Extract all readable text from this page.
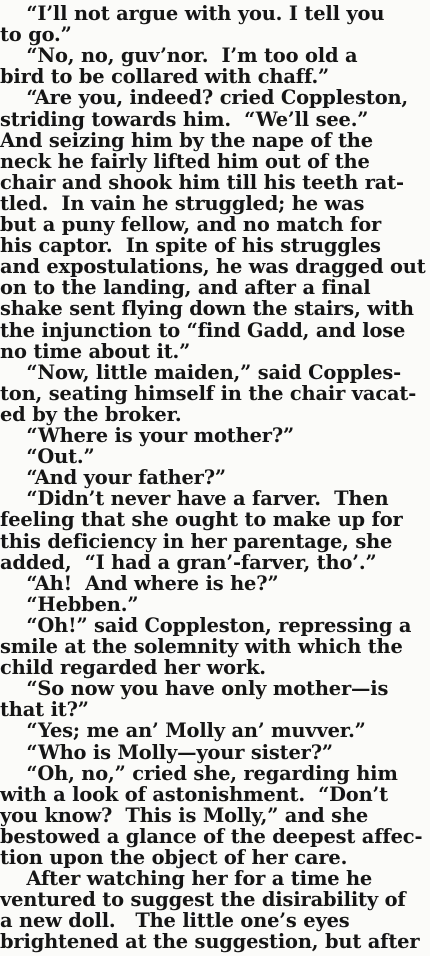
“I’ll not argue with you. I tell you
to go.”
“No, no, guv’nor.  I’m too old a
bird to be collared with chaff.”
“Are you, indeed? cried Coppleston,
striding towards him.  “We’ll see.”
And seizing him by the nape of the
neck he fairly lifted him out of the
chair and shook him till his teeth rat-
tled.  In vain he struggled; he was
but a puny fellow, and no match for
his captor.  In spite of his struggles
and expostulations, he was dragged out
on to the landing, and after a final
shake sent flying down the stairs, with
the injunction to “find Gadd, and lose
no time about it.”
“Now, little maiden,” said Copples-
ton, seating himself in the chair vacat-
ed by the broker.
“Where is your mother?”
“Out.”
“And your father?”
“Didn’t never have a farver.  Then
feeling that she ought to make up for
this deficiency in her parentage, she
added,  “I had a gran’-farver, tho’.”
“Ah!  And where is he?”
“Hebben.”
“Oh!” said Coppleston, repressing a
smile at the solemnity with which the
child regarded her work.
“So now you have only mother—is
that it?”
“Yes; me an’ Molly an’ muvver.”
“Who is Molly—your sister?”
“Oh, no,” cried she, regarding him
with a look of astonishment.  “Don’t
you know?  This is Molly,” and she
bestowed a glance of the deepest affec-
tion upon the object of her care.
After watching her for a time he
ventured to suggest the disirability of
a new doll.   The little one’s eyes
brightened at the suggestion, but after
